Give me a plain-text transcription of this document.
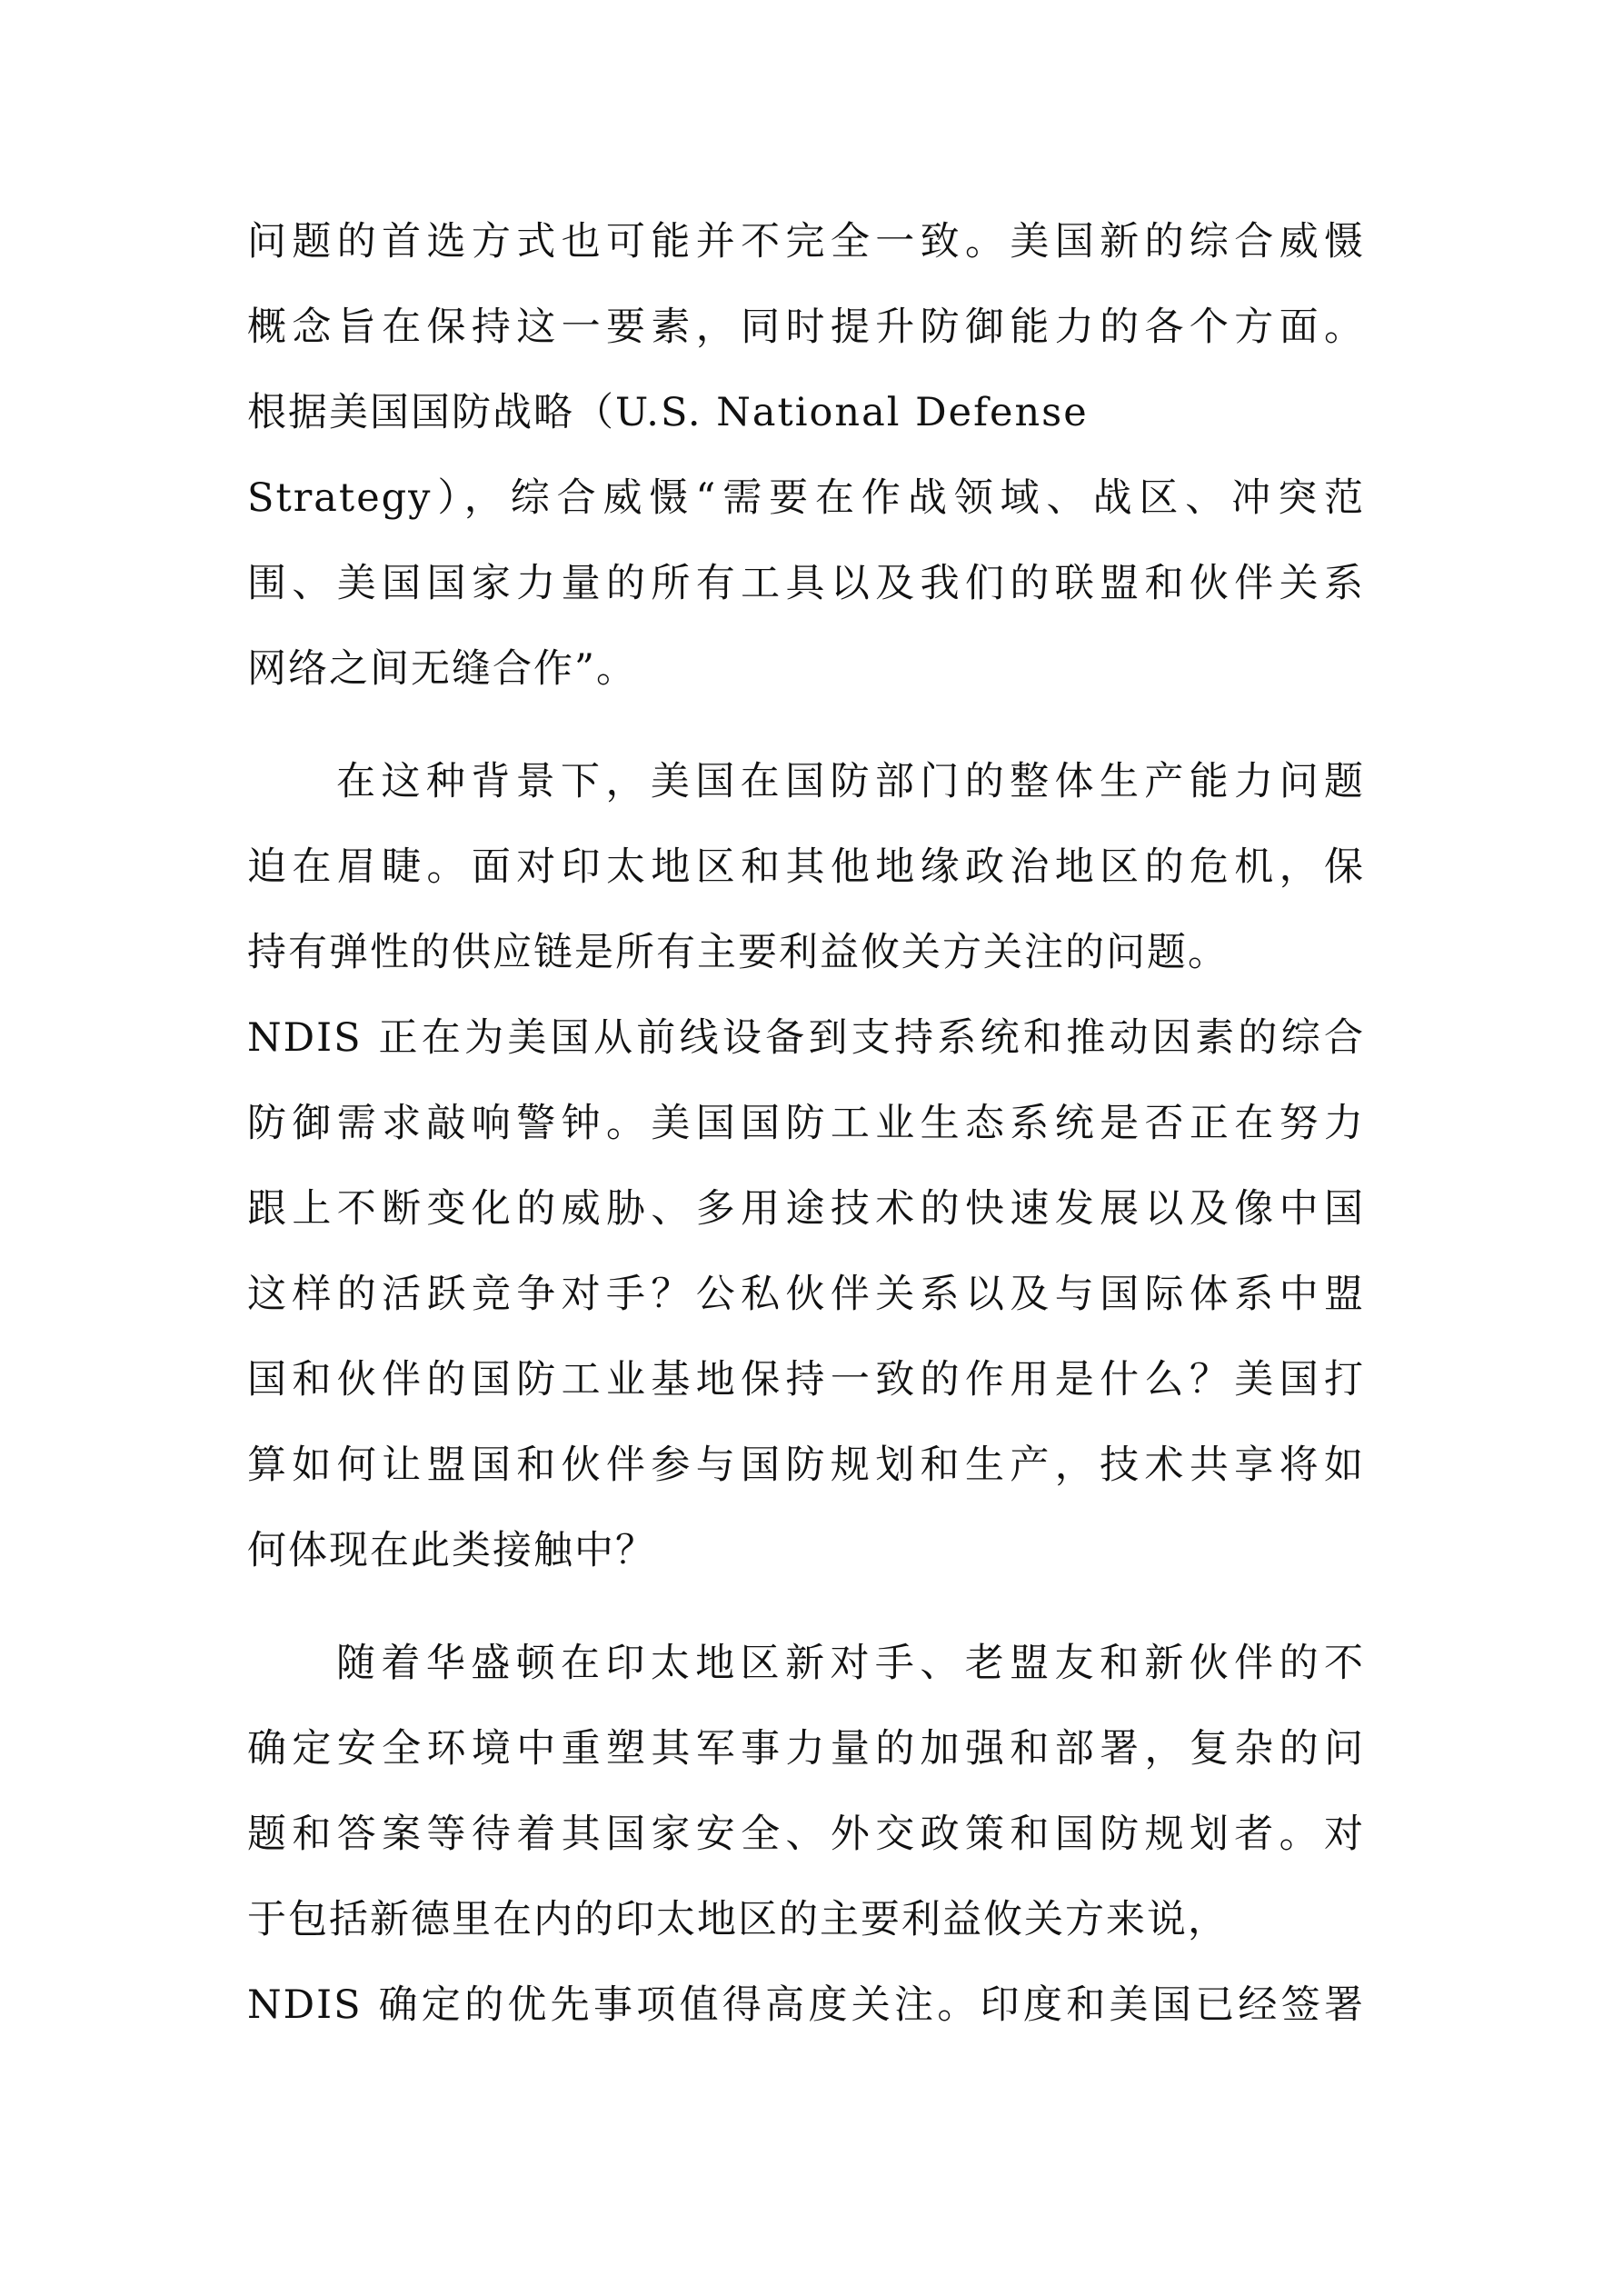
问题的首选方式也可能并不完全一致。美国新的综合威慑
概念旨在保持这一要素，同时提升防御能力的各个方面。
根据美国国防战略（U.S. National Defense
Strategy），综合威慑“需要在作战领域、战区、冲突范
围、美国国家力量的所有工具以及我们的联盟和伙伴关系
网络之间无缝合作”。
在这种背景下，美国在国防部门的整体生产能力问题
迫在眉睫。面对印太地区和其他地缘政治地区的危机，保
持有弹性的供应链是所有主要利益攸关方关注的问题。
NDIS 正在为美国从前线设备到支持系统和推动因素的综合
防御需求敲响警钟。美国国防工业生态系统是否正在努力
跟上不断变化的威胁、多用途技术的快速发展以及像中国
这样的活跃竞争对手？公私伙伴关系以及与国际体系中盟
国和伙伴的国防工业基地保持一致的作用是什么？美国打
算如何让盟国和伙伴参与国防规划和生产，技术共享将如
何体现在此类接触中？
随着华盛顿在印太地区新对手、老盟友和新伙伴的不
确定安全环境中重塑其军事力量的加强和部署，复杂的问
题和答案等待着其国家安全、外交政策和国防规划者。对
于包括新德里在内的印太地区的主要利益攸关方来说，
NDIS 确定的优先事项值得高度关注。印度和美国已经签署
